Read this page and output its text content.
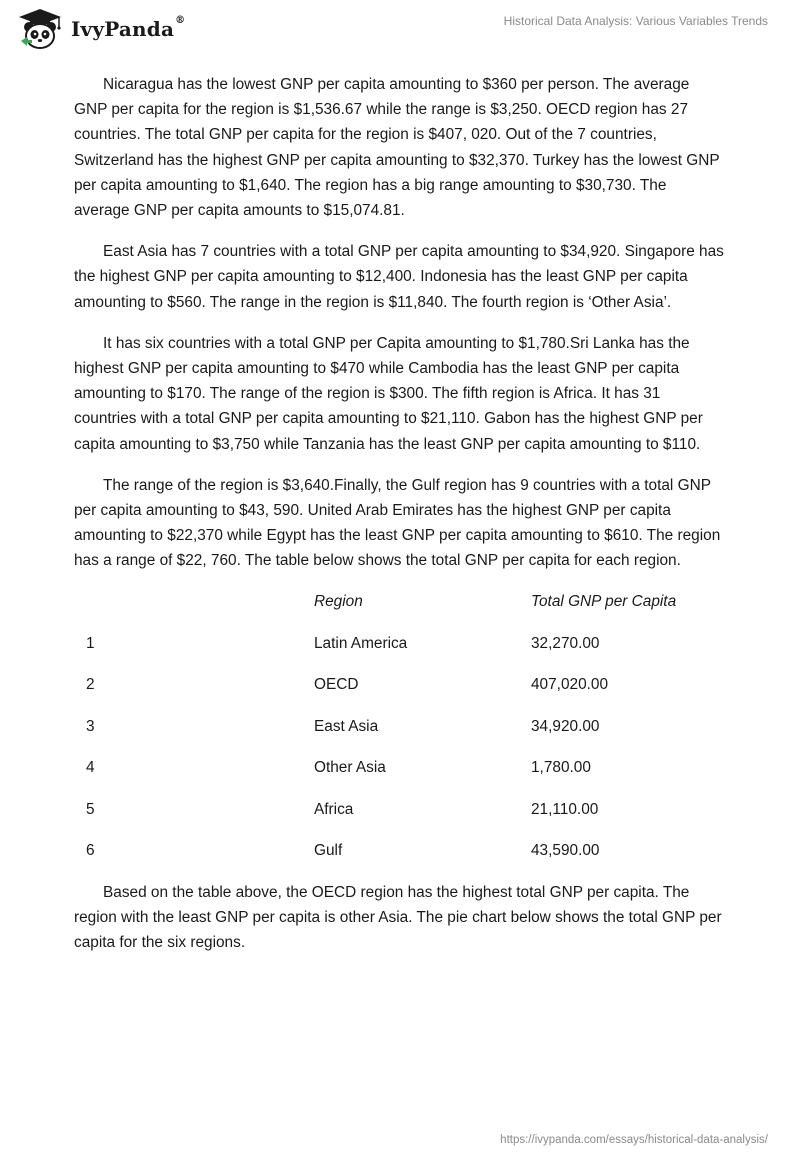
IvyPanda®	Historical Data Analysis: Various Variables Trends

Nicaragua has the lowest GNP per capita amounting to $360 per person. The average GNP per capita for the region is $1,536.67 while the range is $3,250. OECD region has 27 countries. The total GNP per capita for the region is $407, 020. Out of the 7 countries, Switzerland has the highest GNP per capita amounting to $32,370. Turkey has the lowest GNP per capita amounting to $1,640. The region has a big range amounting to $30,730. The average GNP per capita amounts to $15,074.81.

East Asia has 7 countries with a total GNP per capita amounting to $34,920. Singapore has the highest GNP per capita amounting to $12,400. Indonesia has the least GNP per capita amounting to $560. The range in the region is $11,840. The fourth region is ‘Other Asia’.

It has six countries with a total GNP per Capita amounting to $1,780.Sri Lanka has the highest GNP per capita amounting to $470 while Cambodia has the least GNP per capita amounting to $170. The range of the region is $300. The fifth region is Africa. It has 31 countries with a total GNP per capita amounting to $21,110. Gabon has the highest GNP per capita amounting to $3,750 while Tanzania has the least GNP per capita amounting to $110.

The range of the region is $3,640.Finally, the Gulf region has 9 countries with a total GNP per capita amounting to $43, 590. United Arab Emirates has the highest GNP per capita amounting to $22,370 while Egypt has the least GNP per capita amounting to $610. The region has a range of $22, 760. The table below shows the total GNP per capita for each region.

	Region	Total GNP per Capita
1	Latin America	32,270.00
2	OECD	407,020.00
3	East Asia	34,920.00
4	Other Asia	1,780.00
5	Africa	21,110.00
6	Gulf	43,590.00

Based on the table above, the OECD region has the highest total GNP per capita. The region with the least GNP per capita is other Asia. The pie chart below shows the total GNP per capita for the six regions.

https://ivypanda.com/essays/historical-data-analysis/
